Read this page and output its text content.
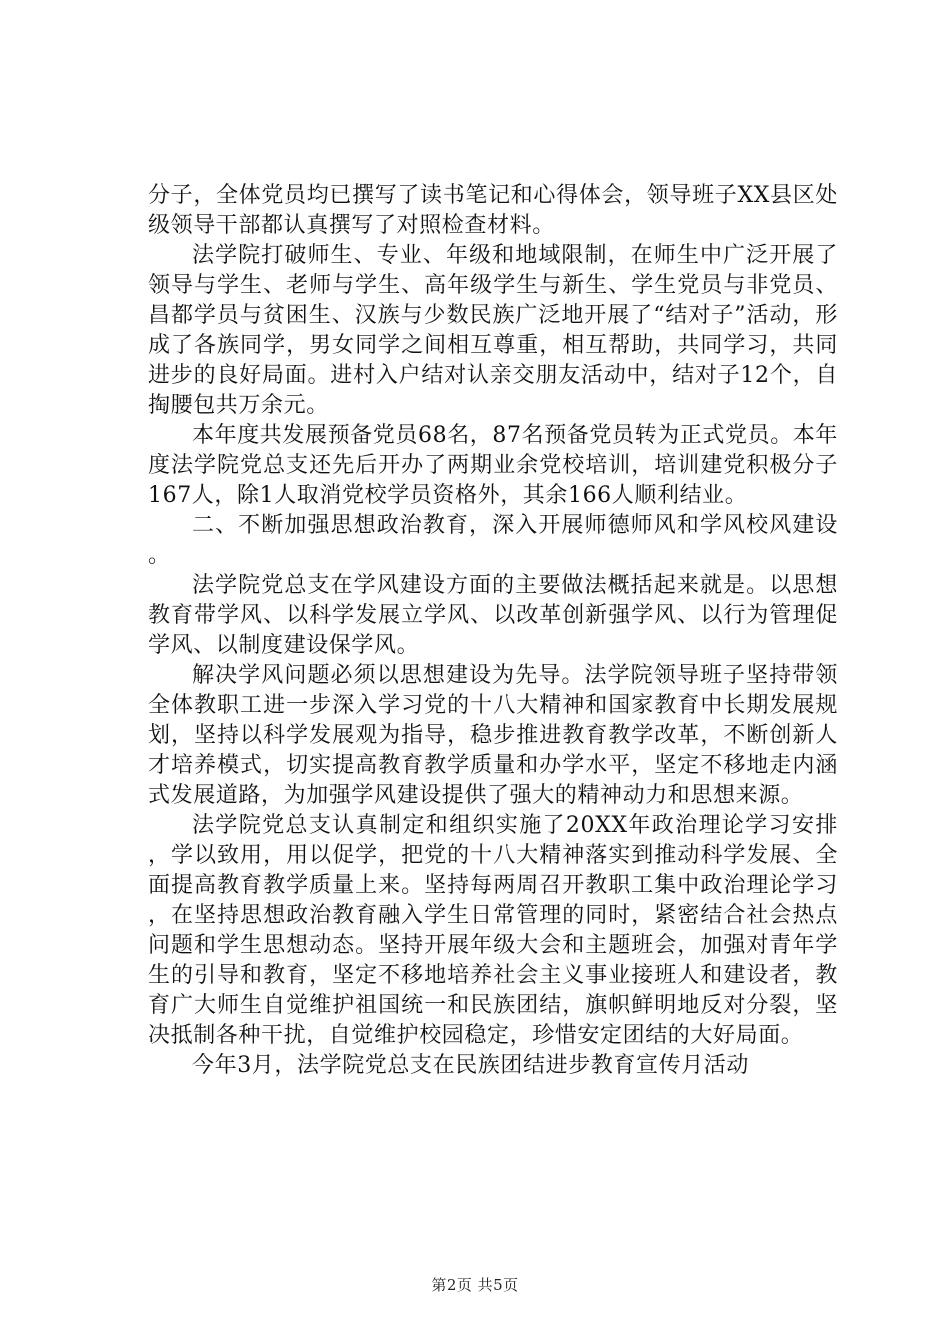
分子，全体党员均已撰写了读书笔记和心得体会，领导班子XX县区处级领导干部都认真撰写了对照检查材料。

法学院打破师生、专业、年级和地域限制，在师生中广泛开展了领导与学生、老师与学生、高年级学生与新生、学生党员与非党员、昌都学员与贫困生、汉族与少数民族广泛地开展了“结对子”活动，形成了各族同学，男女同学之间相互尊重，相互帮助，共同学习，共同进步的良好局面。进村入户结对认亲交朋友活动中，结对子12个，自掏腰包共万余元。

本年度共发展预备党员68名，87名预备党员转为正式党员。本年度法学院党总支还先后开办了两期业余党校培训，培训建党积极分子167人，除1人取消党校学员资格外，其余166人顺利结业。

二、不断加强思想政治教育，深入开展师德师风和学风校风建设。

法学院党总支在学风建设方面的主要做法概括起来就是。以思想教育带学风、以科学发展立学风、以改革创新强学风、以行为管理促学风、以制度建设保学风。

解决学风问题必须以思想建设为先导。法学院领导班子坚持带领全体教职工进一步深入学习党的十八大精神和国家教育中长期发展规划，坚持以科学发展观为指导，稳步推进教育教学改革，不断创新人才培养模式，切实提高教育教学质量和办学水平，坚定不移地走内涵式发展道路，为加强学风建设提供了强大的精神动力和思想来源。

法学院党总支认真制定和组织实施了20XX年政治理论学习安排，学以致用，用以促学，把党的十八大精神落实到推动科学发展、全面提高教育教学质量上来。坚持每两周召开教职工集中政治理论学习，在坚持思想政治教育融入学生日常管理的同时，紧密结合社会热点问题和学生思想动态。坚持开展年级大会和主题班会，加强对青年学生的引导和教育，坚定不移地培养社会主义事业接班人和建设者，教育广大师生自觉维护祖国统一和民族团结，旗帜鲜明地反对分裂，坚决抵制各种干扰，自觉维护校园稳定，珍惜安定团结的大好局面。

今年3月，法学院党总支在民族团结进步教育宣传月活动

第2页 共5页
